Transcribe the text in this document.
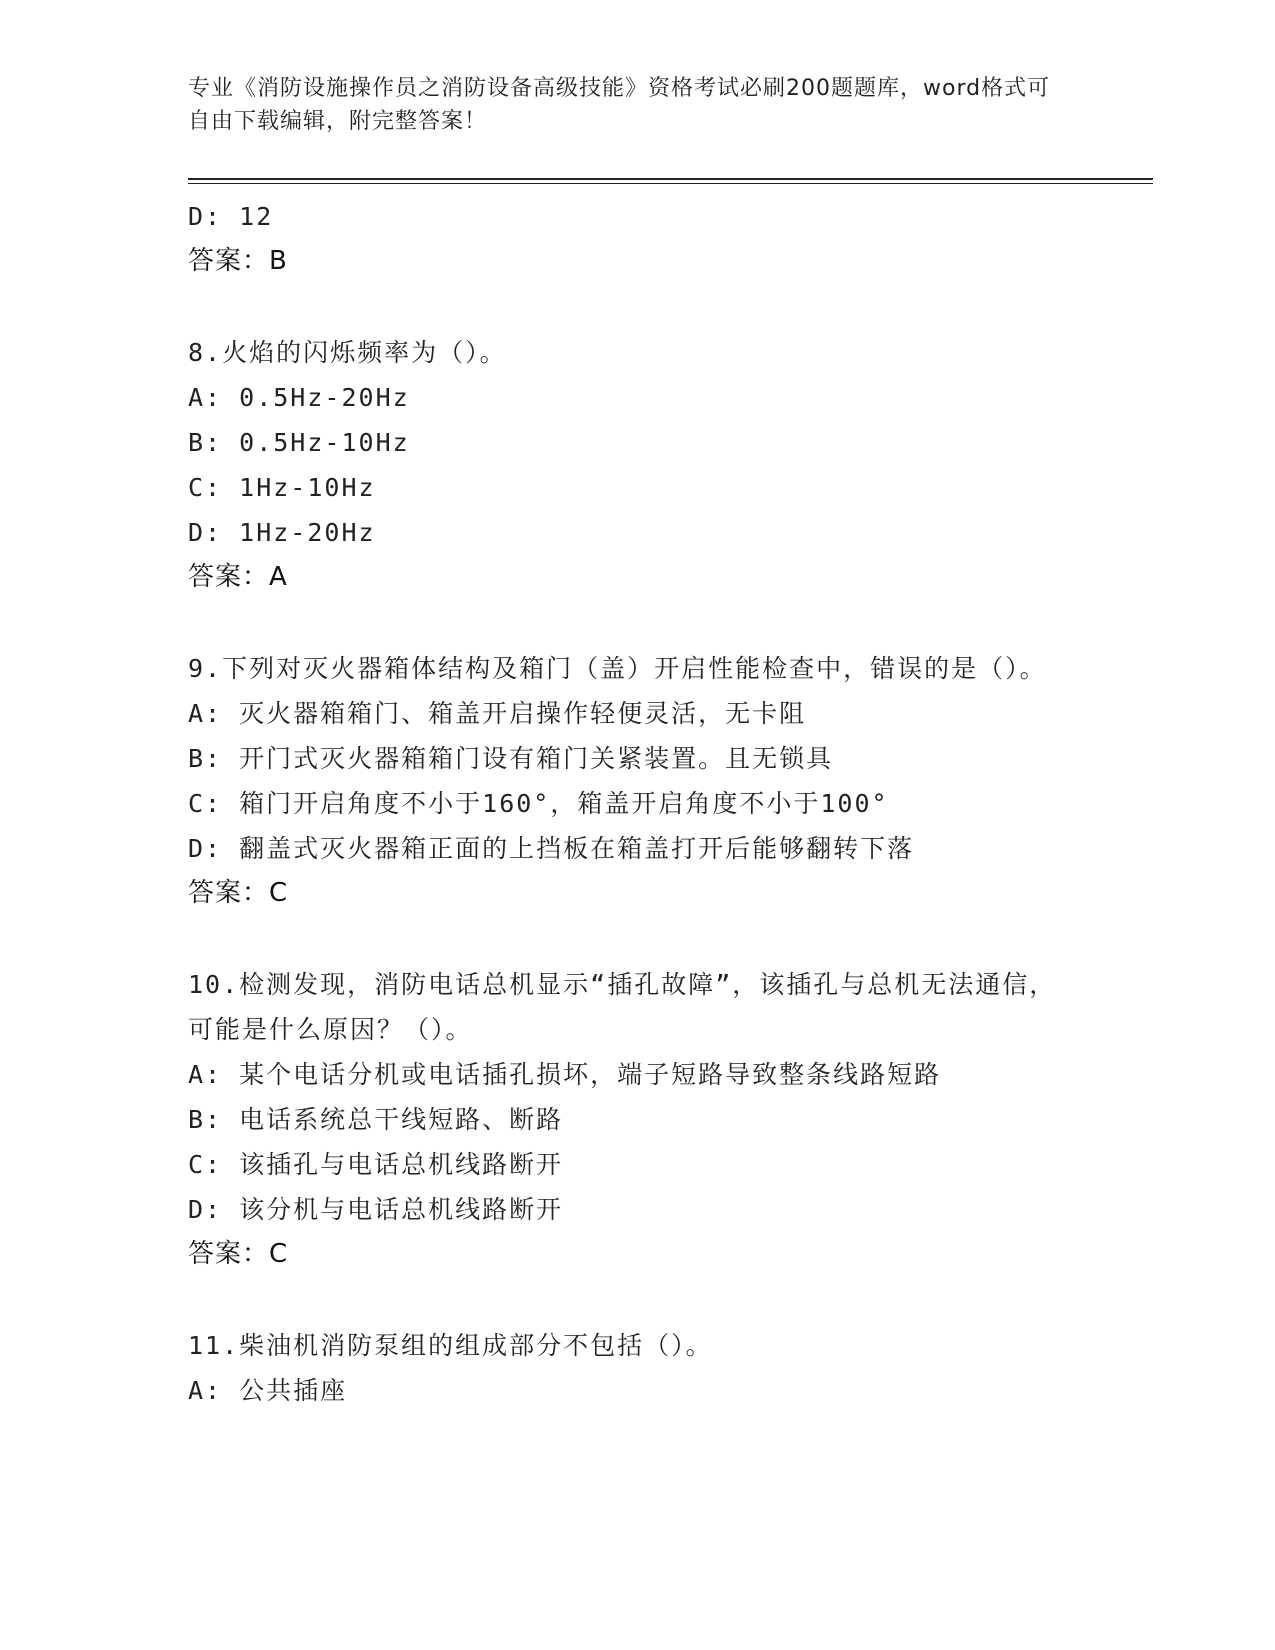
专业《消防设施操作员之消防设备高级技能》资格考试必刷200题题库，word格式可自由下载编辑，附完整答案！
D: 12
答案：B
8.火焰的闪烁频率为（）。
A: 0.5Hz-20Hz
B: 0.5Hz-10Hz
C: 1Hz-10Hz
D: 1Hz-20Hz
答案：A
9.下列对灭火器箱体结构及箱门（盖）开启性能检查中，错误的是（）。
A: 灭火器箱箱门、箱盖开启操作轻便灵活，无卡阻
B: 开门式灭火器箱箱门设有箱门关紧装置。且无锁具
C: 箱门开启角度不小于160°，箱盖开启角度不小于100°
D: 翻盖式灭火器箱正面的上挡板在箱盖打开后能够翻转下落
答案：C
10.检测发现，消防电话总机显示“插孔故障”，该插孔与总机无法通信，可能是什么原因？（）。
A: 某个电话分机或电话插孔损坏，端子短路导致整条线路短路
B: 电话系统总干线短路、断路
C: 该插孔与电话总机线路断开
D: 该分机与电话总机线路断开
答案：C
11.柴油机消防泵组的组成部分不包括（）。
A: 公共插座
